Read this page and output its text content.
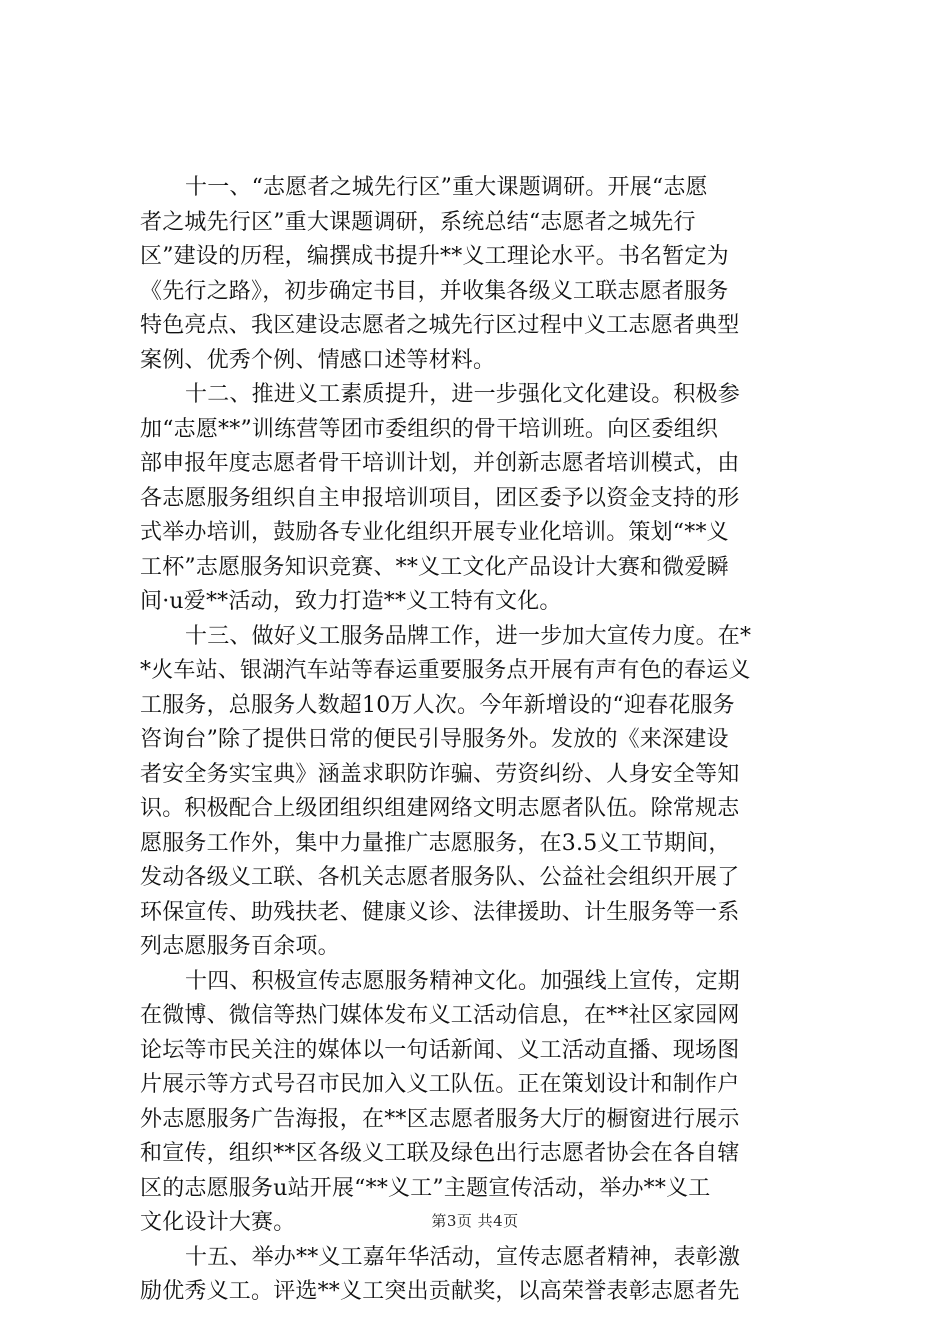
十一、“志愿者之城先行区”重大课题调研。开展“志愿
者之城先行区”重大课题调研，系统总结“志愿者之城先行
区”建设的历程，编撰成书提升**义工理论水平。书名暂定为
《先行之路》，初步确定书目，并收集各级义工联志愿者服务
特色亮点、我区建设志愿者之城先行区过程中义工志愿者典型
案例、优秀个例、情感口述等材料。
十二、推进义工素质提升，进一步强化文化建设。积极参
加“志愿**”训练营等团市委组织的骨干培训班。向区委组织
部申报年度志愿者骨干培训计划，并创新志愿者培训模式，由
各志愿服务组织自主申报培训项目，团区委予以资金支持的形
式举办培训，鼓励各专业化组织开展专业化培训。策划“**义
工杯”志愿服务知识竞赛、**义工文化产品设计大赛和微爱瞬
间·u爱**活动，致力打造**义工特有文化。
十三、做好义工服务品牌工作，进一步加大宣传力度。在*
*火车站、银湖汽车站等春运重要服务点开展有声有色的春运义
工服务，总服务人数超10万人次。今年新增设的“迎春花服务
咨询台”除了提供日常的便民引导服务外。发放的《来深建设
者安全务实宝典》涵盖求职防诈骗、劳资纠纷、人身安全等知
识。积极配合上级团组织组建网络文明志愿者队伍。除常规志
愿服务工作外，集中力量推广志愿服务，在3.5义工节期间，
发动各级义工联、各机关志愿者服务队、公益社会组织开展了
环保宣传、助残扶老、健康义诊、法律援助、计生服务等一系
列志愿服务百余项。
十四、积极宣传志愿服务精神文化。加强线上宣传，定期
在微博、微信等热门媒体发布义工活动信息，在**社区家园网
论坛等市民关注的媒体以一句话新闻、义工活动直播、现场图
片展示等方式号召市民加入义工队伍。正在策划设计和制作户
外志愿服务广告海报，在**区志愿者服务大厅的橱窗进行展示
和宣传，组织**区各级义工联及绿色出行志愿者协会在各自辖
区的志愿服务u站开展“**义工”主题宣传活动，举办**义工
文化设计大赛。
十五、举办**义工嘉年华活动，宣传志愿者精神，表彰激
励优秀义工。评选**义工突出贡献奖，以高荣誉表彰志愿者先
第3页 共4页
